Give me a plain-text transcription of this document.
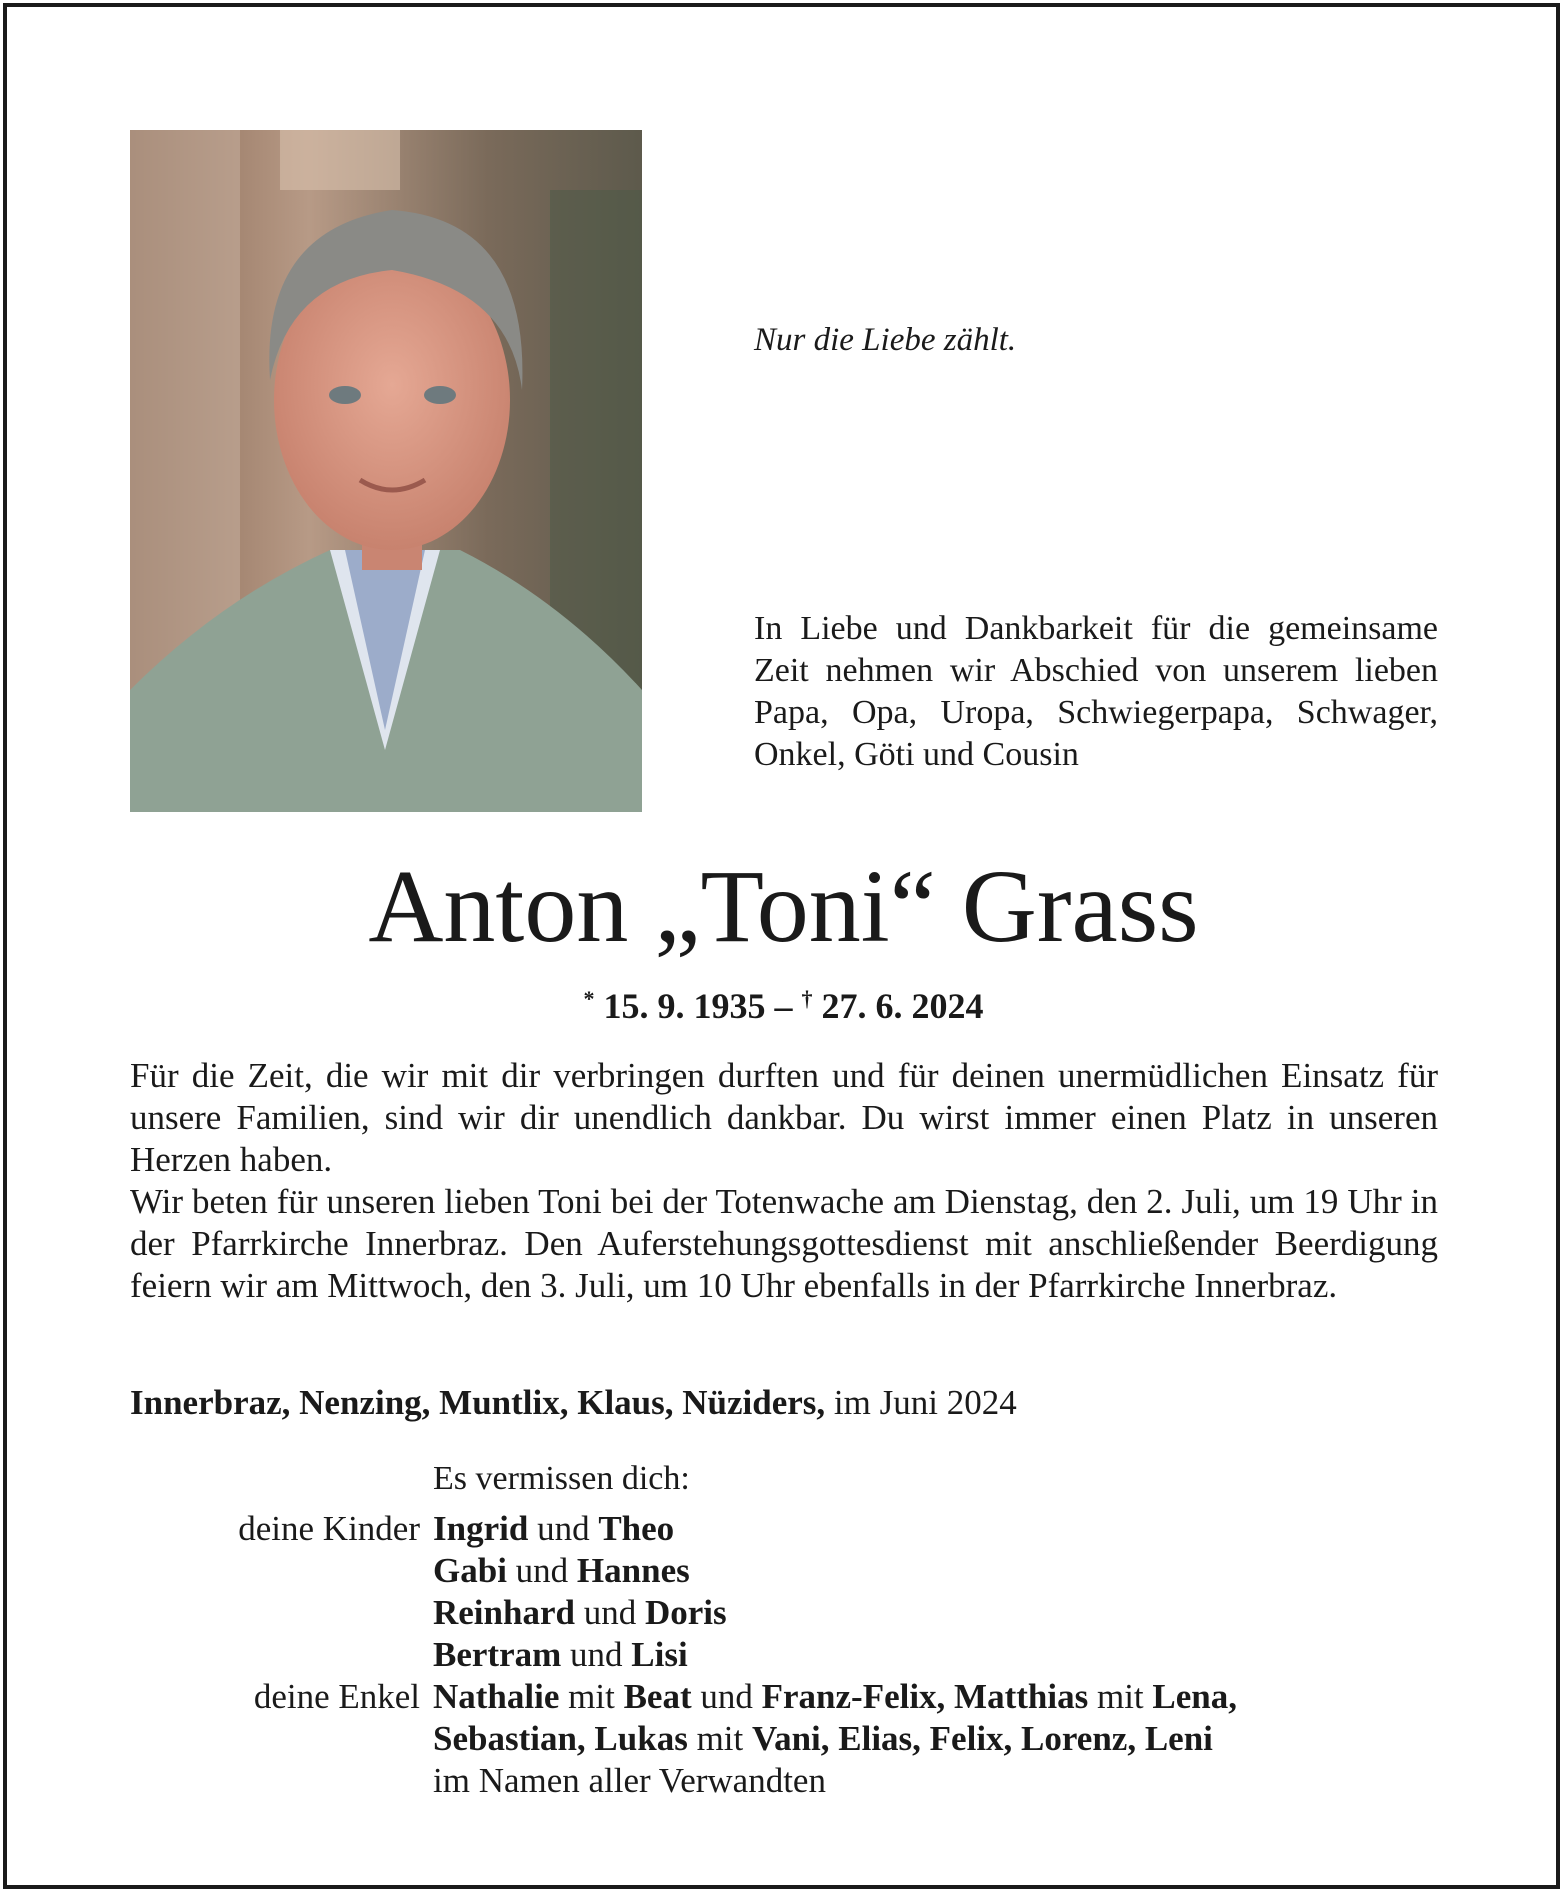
Nur die Liebe zählt.
In Liebe und Dankbarkeit für die gemeinsame Zeit nehmen wir Abschied von unserem lieben Papa, Opa, Uropa, Schwiegerpapa, Schwager, Onkel, Göti und Cousin
Anton „Toni“ Grass
* 15. 9. 1935 – † 27. 6. 2024

Für die Zeit, die wir mit dir verbringen durften und für deinen unermüdlichen Einsatz für unsere Familien, sind wir dir unendlich dankbar. Du wirst immer einen Platz in unseren Herzen haben.

Wir beten für unseren lieben Toni bei der Totenwache am Dienstag, den 2. Juli, um 19 Uhr in der Pfarrkirche Innerbraz. Den Auferstehungsgottesdienst mit anschließender Beerdigung feiern wir am Mittwoch, den 3. Juli, um 10 Uhr ebenfalls in der Pfarrkirche Innerbraz.

Innerbraz, Nenzing, Muntlix, Klaus, Nüziders, im Juni 2024
Es vermissen dich:
deine Kinder Ingrid und Theo
Gabi und Hannes
Reinhard und Doris
Bertram und Lisi
deine Enkel Nathalie mit Beat und Franz-Felix, Matthias mit Lena,
Sebastian, Lukas mit Vani, Elias, Felix, Lorenz, Leni
im Namen aller Verwandten
